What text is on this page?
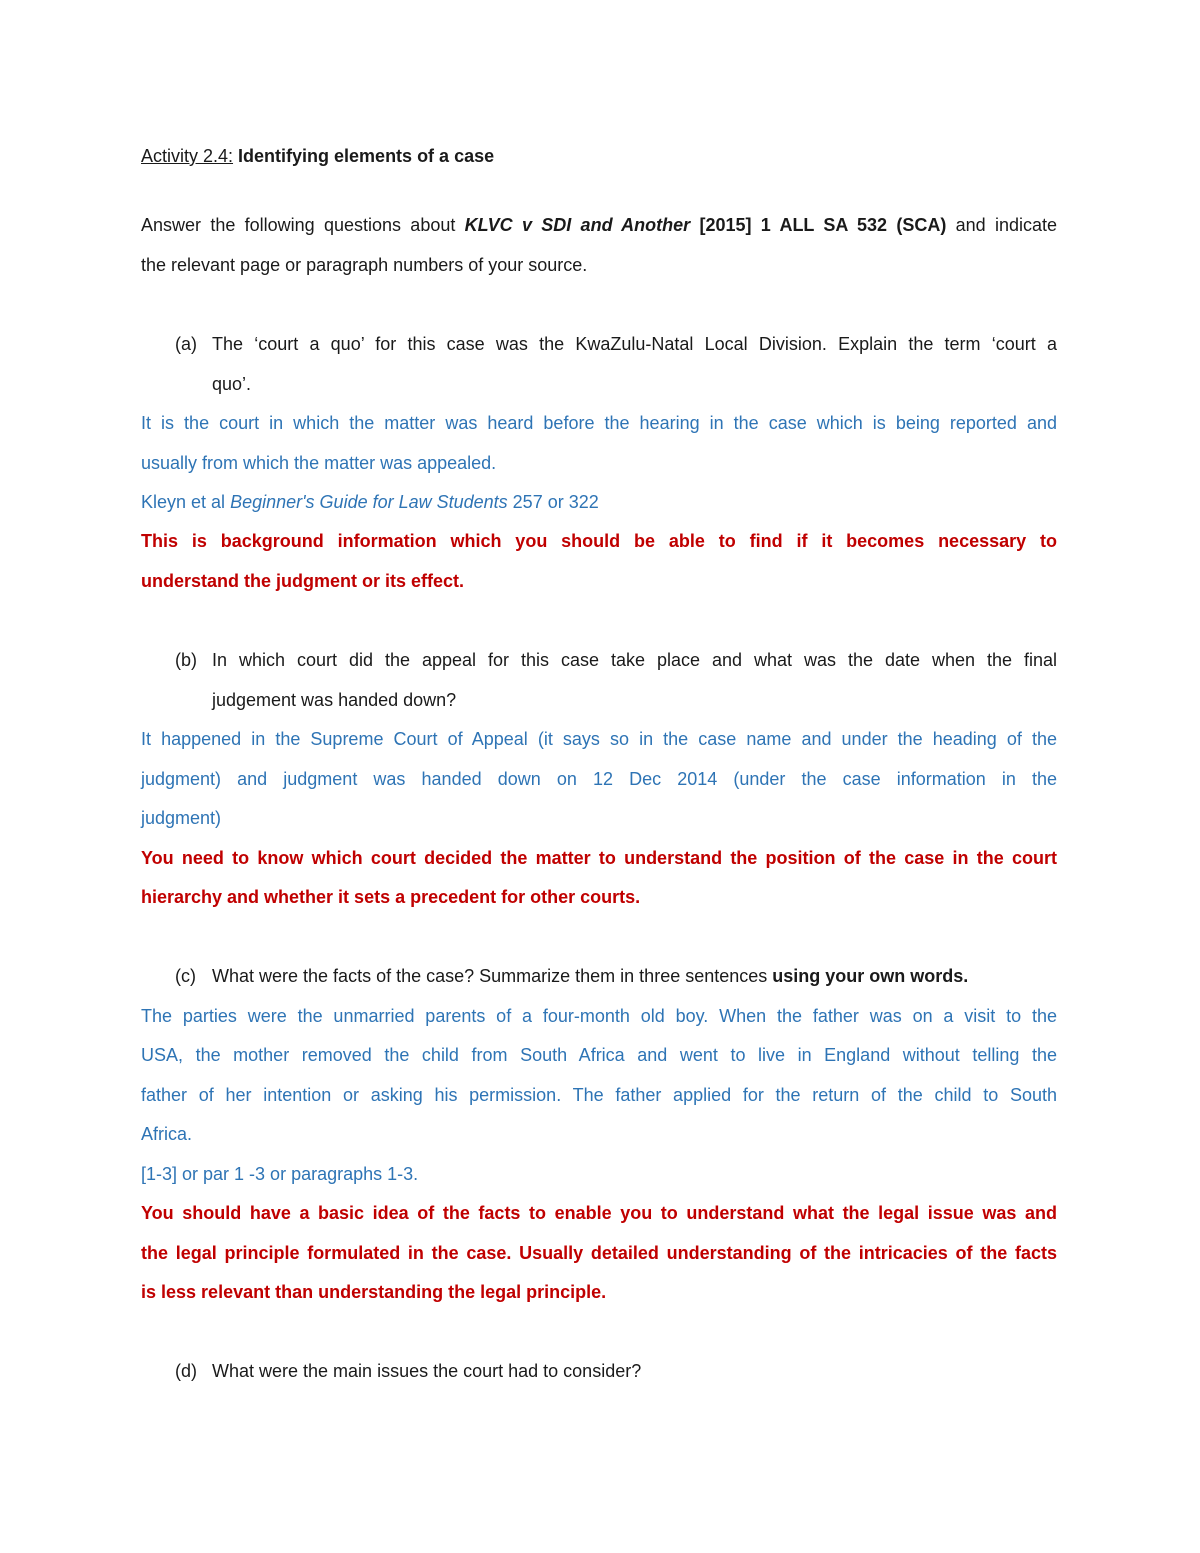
Activity 2.4: Identifying elements of a case
Answer the following questions about KLVC v SDI and Another [2015] 1 ALL SA 532 (SCA) and indicate
the relevant page or paragraph numbers of your source.
(a) The ‘court a quo’ for this case was the KwaZulu-Natal Local Division. Explain the term ‘court a
quo’.
It is the court in which the matter was heard before the hearing in the case which is being reported and
usually from which the matter was appealed.
Kleyn et al Beginner's Guide for Law Students 257 or 322
This is background information which you should be able to find if it becomes necessary to
understand the judgment or its effect.
(b) In which court did the appeal for this case take place and what was the date when the final
judgement was handed down?
It happened in the Supreme Court of Appeal (it says so in the case name and under the heading of the
judgment) and judgment was handed down on 12 Dec 2014 (under the case information in the
judgment)
You need to know which court decided the matter to understand the position of the case in the court
hierarchy and whether it sets a precedent for other courts.
(c) What were the facts of the case? Summarize them in three sentences using your own words.
The parties were the unmarried parents of a four-month old boy. When the father was on a visit to the
USA, the mother removed the child from South Africa and went to live in England without telling the
father of her intention or asking his permission. The father applied for the return of the child to South
Africa.
[1-3] or par 1 -3 or paragraphs 1-3.
You should have a basic idea of the facts to enable you to understand what the legal issue was and
the legal principle formulated in the case. Usually detailed understanding of the intricacies of the facts
is less relevant than understanding the legal principle.
(d) What were the main issues the court had to consider?
